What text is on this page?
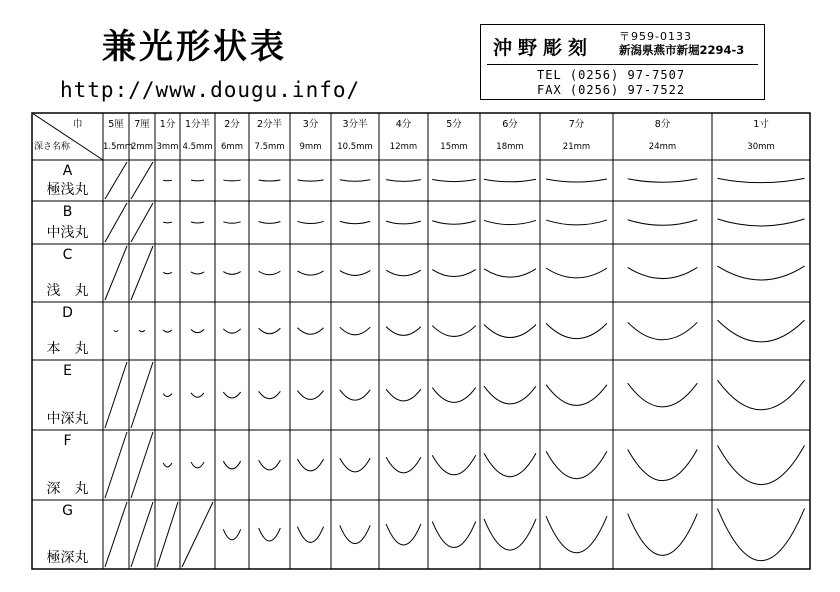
兼光形状表
http://www.dougu.info/
沖野彫刻
〒959-0133
新潟県燕市新堀2294-3
TEL (0256) 97-7507
FAX (0256) 97-7522
巾
深さ名称
5厘
1.5mm
7厘
2mm
1分
3mm
1分半
4.5mm
2分
6mm
2分半
7.5mm
3分
9mm
3分半
10.5mm
4分
12mm
5分
15mm
6分
18mm
7分
21mm
8分
24mm
1寸
30mm
A
極浅丸
B
中浅丸
C
浅　丸
D
本　丸
E
中深丸
F
深　丸
G
極深丸
